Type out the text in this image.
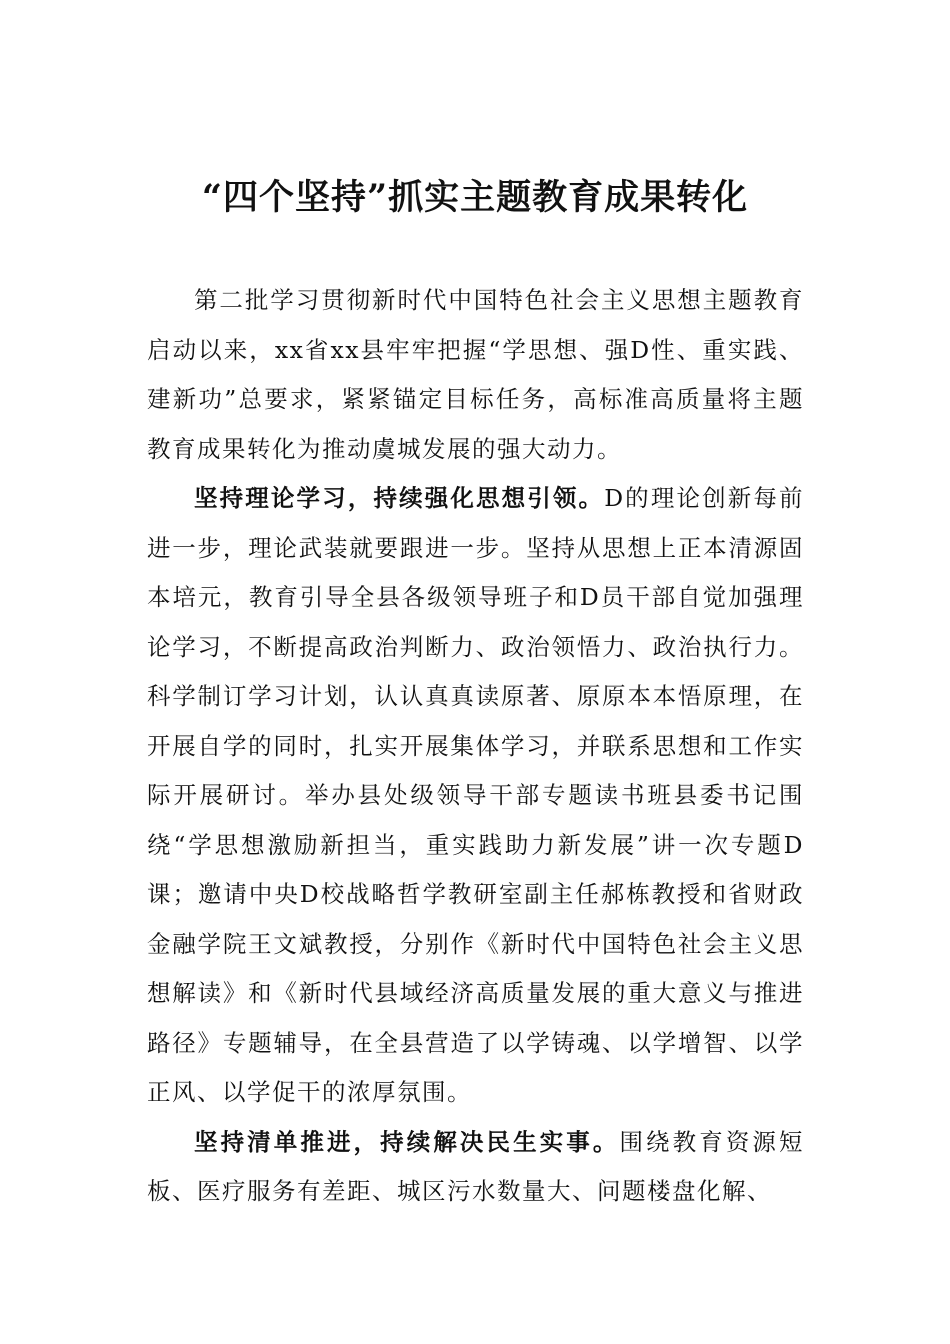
“四个坚持”抓实主题教育成果转化

第二批学习贯彻新时代中国特色社会主义思想主题教育启动以来，xx省xx县牢牢把握“学思想、强D性、重实践、建新功”总要求，紧紧锚定目标任务，高标准高质量将主题教育成果转化为推动虞城发展的强大动力。

坚持理论学习，持续强化思想引领。D的理论创新每前进一步，理论武装就要跟进一步。坚持从思想上正本清源固本培元，教育引导全县各级领导班子和D员干部自觉加强理论学习，不断提高政治判断力、政治领悟力、政治执行力。科学制订学习计划，认认真真读原著、原原本本悟原理，在开展自学的同时，扎实开展集体学习，并联系思想和工作实际开展研讨。举办县处级领导干部专题读书班县委书记围绕“学思想激励新担当，重实践助力新发展”讲一次专题D课；邀请中央D校战略哲学教研室副主任郝栋教授和省财政金融学院王文斌教授，分别作《新时代中国特色社会主义思想解读》和《新时代县域经济高质量发展的重大意义与推进路径》专题辅导，在全县营造了以学铸魂、以学增智、以学正风、以学促干的浓厚氛围。

坚持清单推进，持续解决民生实事。围绕教育资源短板、医疗服务有差距、城区污水数量大、问题楼盘化解、
